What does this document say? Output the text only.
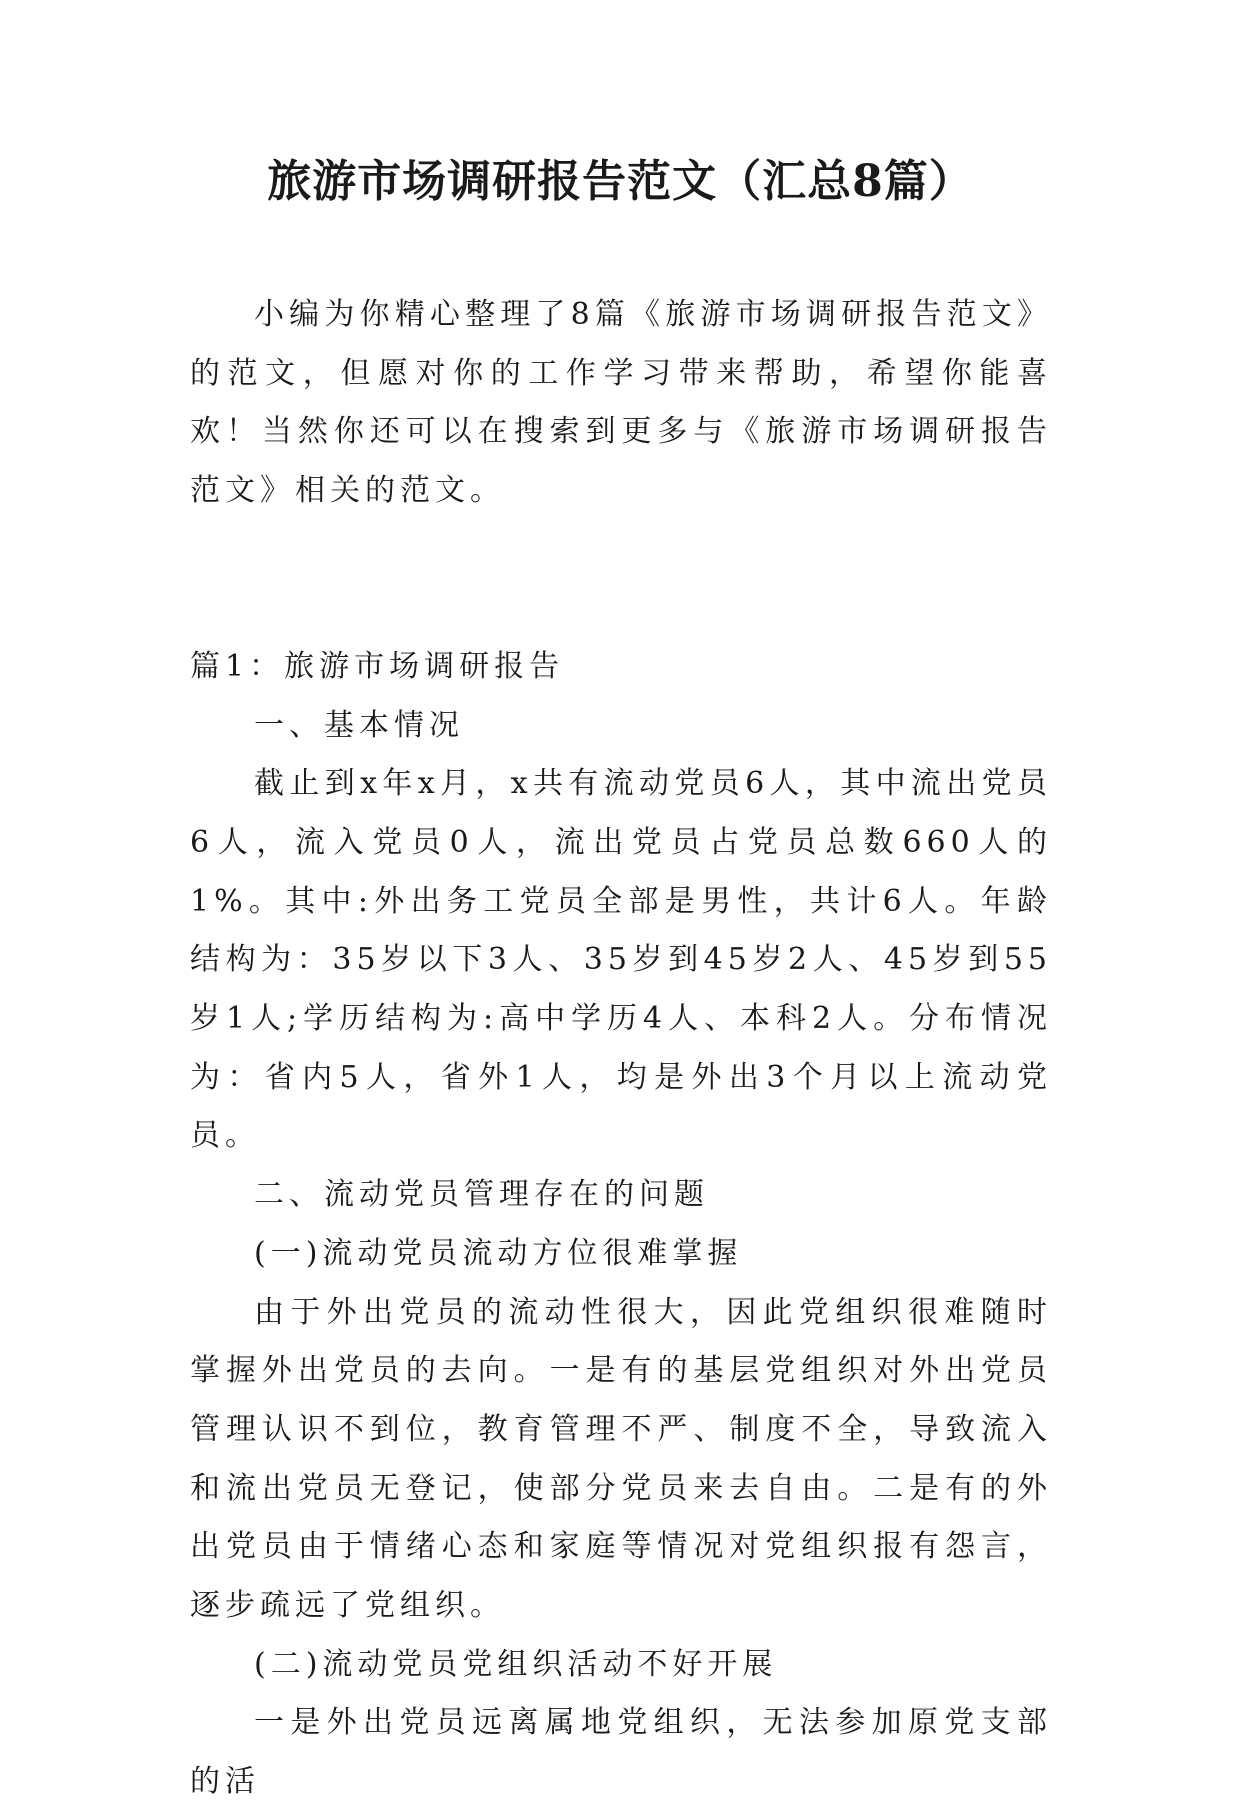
旅游市场调研报告范文（汇总8篇）

小编为你精心整理了8篇《旅游市场调研报告范文》的范文，但愿对你的工作学习带来帮助，希望你能喜欢！当然你还可以在搜索到更多与《旅游市场调研报告范文》相关的范文。

篇1：旅游市场调研报告

一、基本情况

截止到x年x月，x共有流动党员6人，其中流出党员6人，流入党员0人，流出党员占党员总数660人的1%。其中:外出务工党员全部是男性，共计6人。年龄结构为：35岁以下3人、35岁到45岁2人、45岁到55岁1人;学历结构为:高中学历4人、本科2人。分布情况为：省内5人，省外1人，均是外出3个月以上流动党员。

二、流动党员管理存在的问题

(一)流动党员流动方位很难掌握

由于外出党员的流动性很大，因此党组织很难随时掌握外出党员的去向。一是有的基层党组织对外出党员管理认识不到位，教育管理不严、制度不全，导致流入和流出党员无登记，使部分党员来去自由。二是有的外出党员由于情绪心态和家庭等情况对党组织报有怨言，逐步疏远了党组织。

(二)流动党员党组织活动不好开展

一是外出党员远离属地党组织，无法参加原党支部的活
